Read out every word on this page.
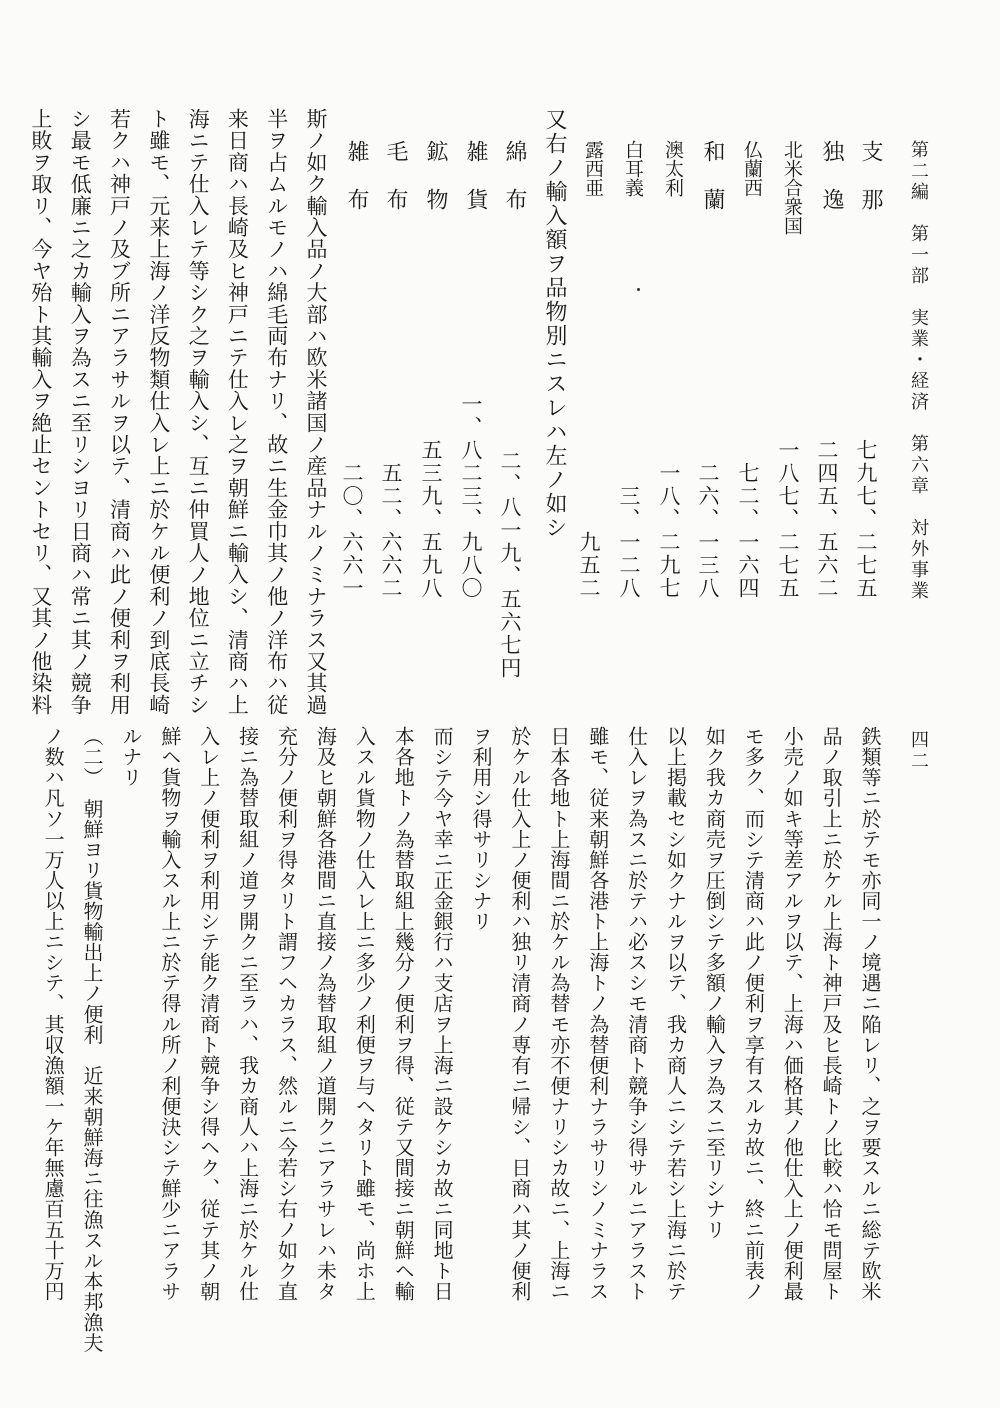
第二編　第一部　実業・経済　第六章　対外事業
四二
支　那
独　逸
北米合衆国
仏蘭西
和　蘭
澳太利
白耳義
露西亜
七九七、二七五
二四五、五六二
一八七、二七五
七二、一六四
二六、一三八
一八、二九七
三、一二八
九五二
又右ノ輸入額ヲ品物別ニスレハ左ノ如シ
綿　布
雑　貨
鉱　物
毛　布
雑　布
二、八一九、五六七円
一、八二三、九八〇
五三九、五九八
五二、六六二
二〇、六六一
斯ノ如ク輸入品ノ大部ハ欧米諸国ノ産品ナルノミナラス又其過
半ヲ占ムルモノハ綿毛両布ナリ、故ニ生金巾其ノ他ノ洋布ハ従
来日商ハ長崎及ヒ神戸ニテ仕入レ之ヲ朝鮮ニ輸入シ、清商ハ上
海ニテ仕入レテ等シク之ヲ輸入シ、互ニ仲買人ノ地位ニ立チシ
ト雖モ、元来上海ノ洋反物類仕入レ上ニ於ケル便利ノ到底長崎
若クハ神戸ノ及ブ所ニアラサルヲ以テ、清商ハ此ノ便利ヲ利用
シ最モ低廉ニ之カ輸入ヲ為スニ至リシヨリ日商ハ常ニ其ノ競争
上敗ヲ取リ、今ヤ殆ト其輸入ヲ絶止セントセリ、又其ノ他染料
鉄類等ニ於テモ亦同一ノ境遇ニ陥レリ、之ヲ要スルニ総テ欧米
品ノ取引上ニ於ケル上海ト神戸及ヒ長崎トノ比較ハ恰モ問屋ト
小売ノ如キ等差アルヲ以テ、上海ハ価格其ノ他仕入上ノ便利最
モ多ク、而シテ清商ハ此ノ便利ヲ享有スルカ故ニ、終ニ前表ノ
如ク我カ商売ヲ圧倒シテ多額ノ輸入ヲ為スニ至リシナリ
以上掲載セシ如クナルヲ以テ、我カ商人ニシテ若シ上海ニ於テ
仕入レヲ為スニ於テハ必スシモ清商ト競争シ得サルニアラスト
雖モ、従来朝鮮各港ト上海トノ為替便利ナラサリシノミナラス
日本各地ト上海間ニ於ケル為替モ亦不便ナリシカ故ニ、上海ニ
於ケル仕入上ノ便利ハ独リ清商ノ専有ニ帰シ、日商ハ其ノ便利
ヲ利用シ得サリシナリ
而シテ今ヤ幸ニ正金銀行ハ支店ヲ上海ニ設ケシカ故ニ同地ト日
本各地トノ為替取組上幾分ノ便利ヲ得、従テ又間接ニ朝鮮ヘ輸
入スル貨物ノ仕入レ上ニ多少ノ利便ヲ与ヘタリト雖モ、尚ホ上
海及ヒ朝鮮各港間ニ直接ノ為替取組ノ道開クニアラサレハ未タ
充分ノ便利ヲ得タリト謂フヘカラス、然ルニ今若シ右ノ如ク直
接ニ為替取組ノ道ヲ開クニ至ラハ、我カ商人ハ上海ニ於ケル仕
入レ上ノ便利ヲ利用シテ能ク清商ト競争シ得ヘク、従テ其ノ朝
鮮ヘ貨物ヲ輸入スル上ニ於テ得ル所ノ利便決シテ鮮少ニアラサ
ルナリ
（二）　朝鮮ヨリ貨物輸出上ノ便利　近来朝鮮海ニ往漁スル本邦漁夫
ノ数ハ凡ソ一万人以上ニシテ、其収漁額一ケ年無慮百五十万円
